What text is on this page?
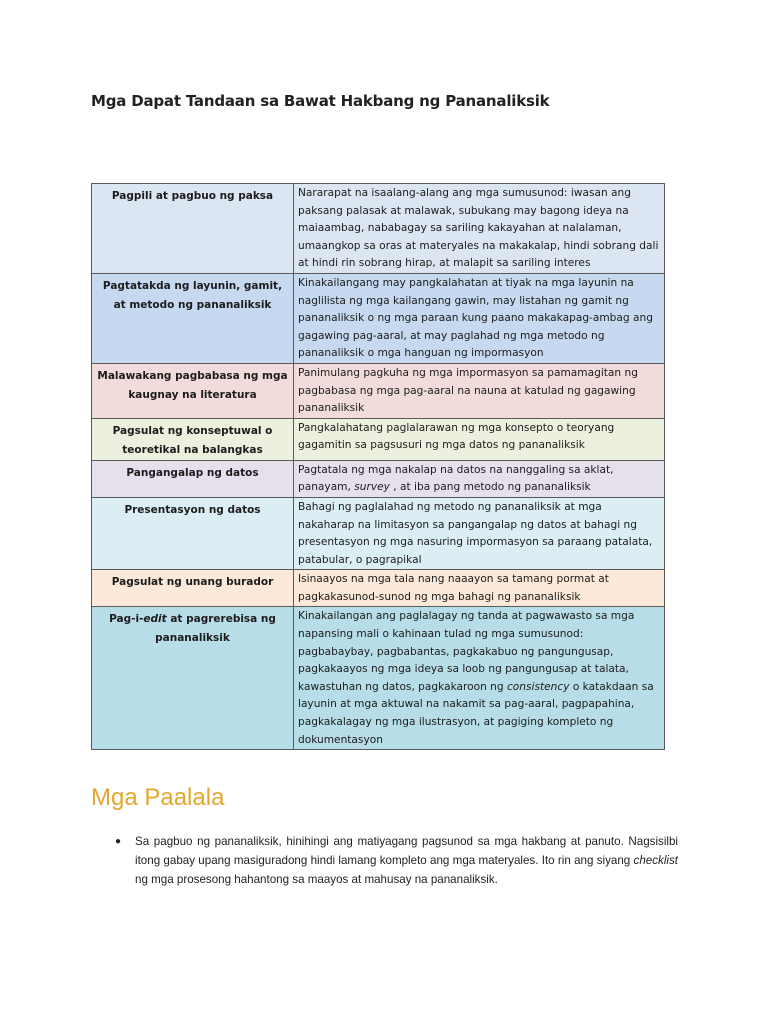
Mga Dapat Tandaan sa Bawat Hakbang ng Pananaliksik
Pagpili at pagbuo ng paksa	Nararapat na isaalang-alang ang mga sumusunod: iwasan ang paksang palasak at malawak, subukang may bagong ideya na maiaambag, nababagay sa sariling kakayahan at nalalaman, umaangkop sa oras at materyales na makakalap, hindi sobrang dali at hindi rin sobrang hirap, at malapit sa sariling interes
Pagtatakda ng layunin, gamit, at metodo ng pananaliksik	Kinakailangang may pangkalahatan at tiyak na mga layunin na naglilista ng mga kailangang gawin, may listahan ng gamit ng pananaliksik o ng mga paraan kung paano makakapag-ambag ang gagawing pag-aaral, at may paglahad ng mga metodo ng pananaliksik o mga hanguan ng impormasyon
Malawakang pagbabasa ng mga kaugnay na literatura	Panimulang pagkuha ng mga impormasyon sa pamamagitan ng pagbabasa ng mga pag-aaral na nauna at katulad ng gagawing pananaliksik
Pagsulat ng konseptuwal o teoretikal na balangkas	Pangkalahatang paglalarawan ng mga konsepto o teoryang gagamitin sa pagsusuri ng mga datos ng pananaliksik
Pangangalap ng datos	Pagtatala ng mga nakalap na datos na nanggaling sa aklat, panayam, survey , at iba pang metodo ng pananaliksik
Presentasyon ng datos	Bahagi ng paglalahad ng metodo ng pananaliksik at mga nakaharap na limitasyon sa pangangalap ng datos at bahagi ng presentasyon ng mga nasuring impormasyon sa paraang patalata, patabular, o pagrapikal
Pagsulat ng unang burador	Isinaayos na mga tala nang naaayon sa tamang pormat at pagkakasunod-sunod ng mga bahagi ng pananaliksik
Pag-i-edit at pagrerebisa ng pananaliksik	Kinakailangan ang paglalagay ng tanda at pagwawasto sa mga napansing mali o kahinaan tulad ng mga sumusunod: pagbabaybay, pagbabantas, pagkakabuo ng pangungusap, pagkakaayos ng mga ideya sa loob ng pangungusap at talata, kawastuhan ng datos, pagkakaroon ng consistency o katakdaan sa layunin at mga aktuwal na nakamit sa pag-aaral, pagpapahina, pagkakalagay ng mga ilustrasyon, at pagiging kompleto ng dokumentasyon
Mga Paalala
● Sa pagbuo ng pananaliksik, hinihingi ang matiyagang pagsunod sa mga hakbang at panuto. Nagsisilbi itong gabay upang masiguradong hindi lamang kompleto ang mga materyales. Ito rin ang siyang checklist ng mga prosesong hahantong sa maayos at mahusay na pananaliksik.
